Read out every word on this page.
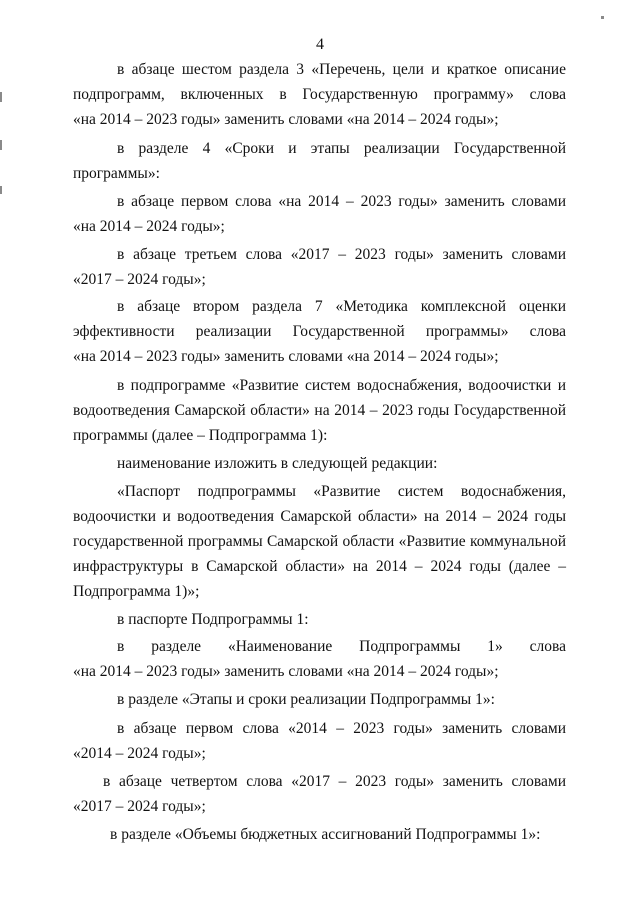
4
в абзаце шестом раздела 3 «Перечень, цели и краткое описание
подпрограмм, включенных в Государственную программу» слова
«на 2014 – 2023 годы» заменить словами «на 2014 – 2024 годы»;
в разделе 4 «Сроки и этапы реализации Государственной
программы»:
в абзаце первом слова «на 2014 – 2023 годы» заменить словами
«на 2014 – 2024 годы»;
в абзаце третьем слова «2017 – 2023 годы» заменить словами
«2017 – 2024 годы»;
в абзаце втором раздела 7 «Методика комплексной оценки
эффективности реализации Государственной программы» слова
«на 2014 – 2023 годы» заменить словами «на 2014 – 2024 годы»;
в подпрограмме «Развитие систем водоснабжения, водоочистки и
водоотведения Самарской области» на 2014 – 2023 годы Государственной
программы (далее – Подпрограмма 1):
наименование изложить в следующей редакции:
«Паспорт подпрограммы «Развитие систем водоснабжения,
водоочистки и водоотведения Самарской области» на 2014 – 2024 годы
государственной программы Самарской области «Развитие коммунальной
инфраструктуры в Самарской области» на 2014 – 2024 годы (далее –
Подпрограмма 1)»;
в паспорте Подпрограммы 1:
в разделе «Наименование Подпрограммы 1» слова
«на 2014 – 2023 годы» заменить словами «на 2014 – 2024 годы»;
в разделе «Этапы и сроки реализации Подпрограммы 1»:
в абзаце первом слова «2014 – 2023 годы» заменить словами
«2014 – 2024 годы»;
в абзаце четвертом слова «2017 – 2023 годы» заменить словами
«2017 – 2024 годы»;
в разделе «Объемы бюджетных ассигнований Подпрограммы 1»:
